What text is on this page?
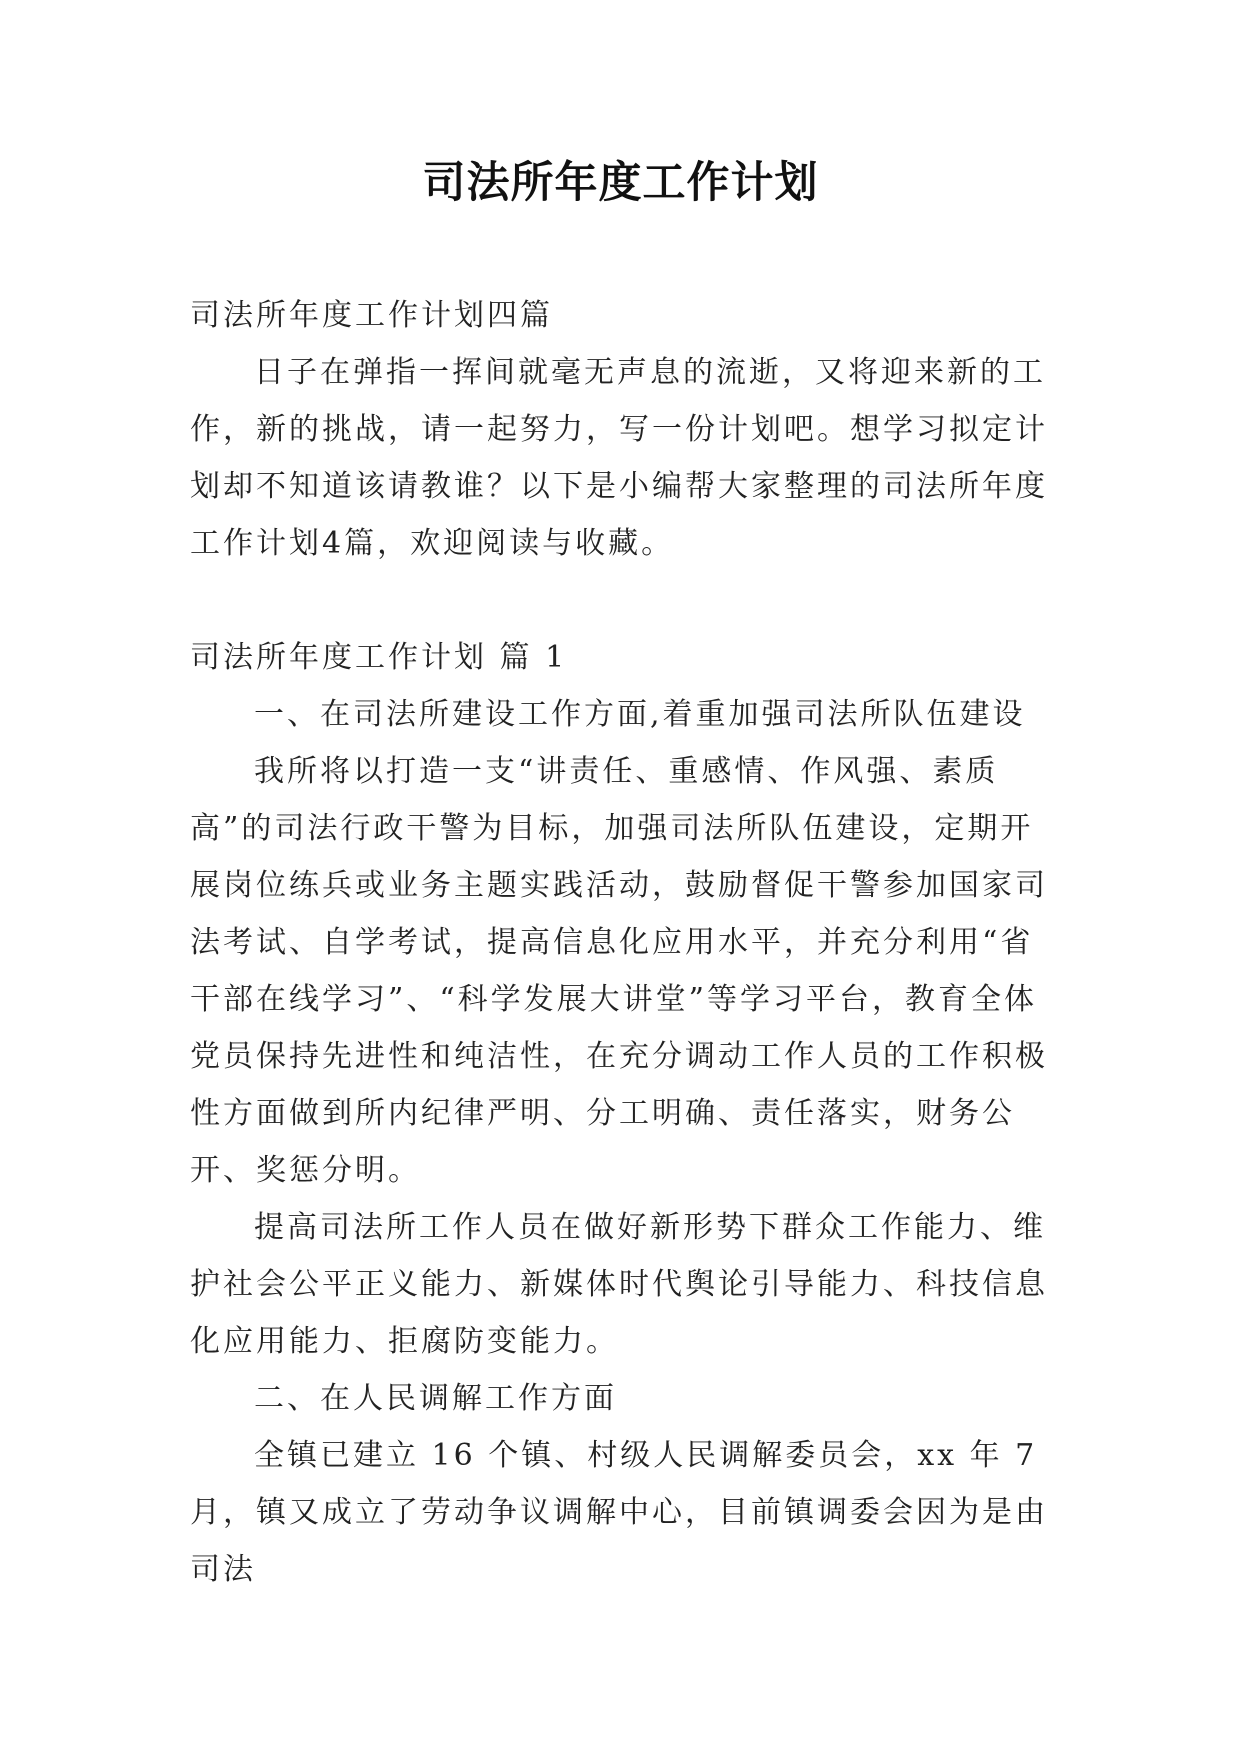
司法所年度工作计划

司法所年度工作计划四篇

日子在弹指一挥间就毫无声息的流逝，又将迎来新的工作，新的挑战，请一起努力，写一份计划吧。想学习拟定计划却不知道该请教谁？以下是小编帮大家整理的司法所年度工作计划4篇，欢迎阅读与收藏。

司法所年度工作计划 篇 1

一、在司法所建设工作方面,着重加强司法所队伍建设

我所将以打造一支“讲责任、重感情、作风强、素质高”的司法行政干警为目标，加强司法所队伍建设，定期开展岗位练兵或业务主题实践活动，鼓励督促干警参加国家司法考试、自学考试，提高信息化应用水平，并充分利用“省干部在线学习”、“科学发展大讲堂”等学习平台，教育全体党员保持先进性和纯洁性，在充分调动工作人员的工作积极性方面做到所内纪律严明、分工明确、责任落实，财务公开、奖惩分明。

提高司法所工作人员在做好新形势下群众工作能力、维护社会公平正义能力、新媒体时代舆论引导能力、科技信息化应用能力、拒腐防变能力。

二、在人民调解工作方面

全镇已建立 16 个镇、村级人民调解委员会，xx 年 7 月，镇又成立了劳动争议调解中心，目前镇调委会因为是由司法
